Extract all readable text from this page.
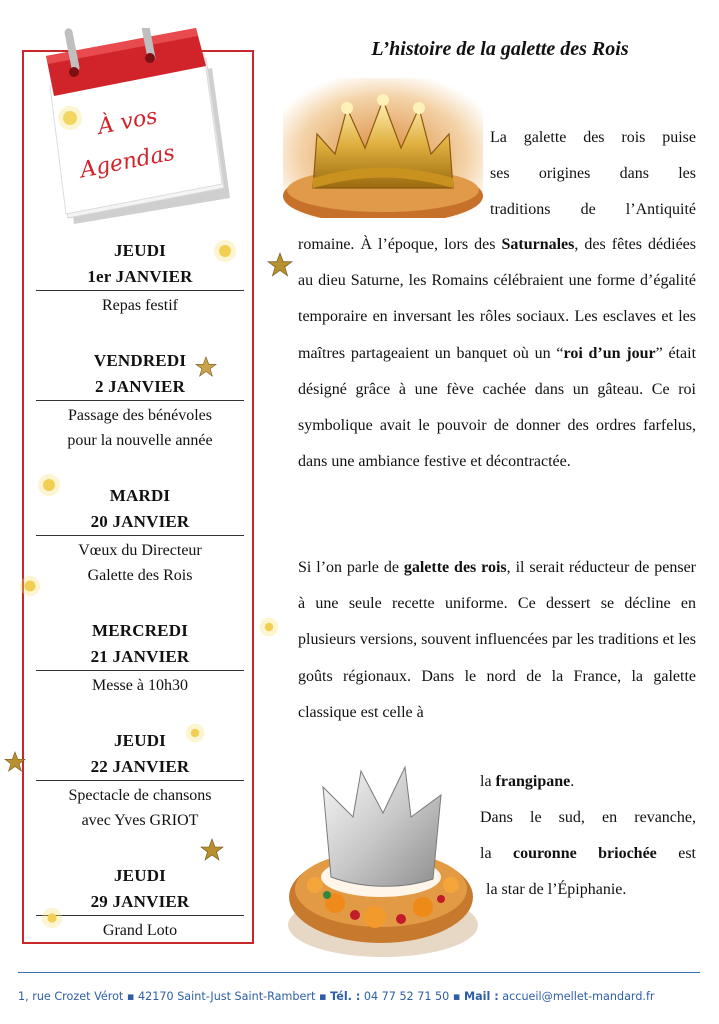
À vos
Agendas
JEUDI
1er JANVIER
Repas festif
VENDREDI
2 JANVIER
Passage des bénévoles
pour la nouvelle année
MARDI
20 JANVIER
Vœux du Directeur
Galette des Rois
MERCREDI
21 JANVIER
Messe à 10h30
JEUDI
22 JANVIER
Spectacle de chansons
avec Yves GRIOT
JEUDI
29 JANVIER
Grand Loto
L’histoire de la galette des Rois
La galette des rois puise
ses origines dans les
traditions de l’Antiquité
romaine. À l’époque, lors des Saturnales, des fêtes dédiées au dieu Saturne, les Romains célébraient une forme d’égalité temporaire en inversant les rôles sociaux. Les esclaves et les maîtres partageaient un banquet où un “roi d’un jour” était désigné grâce à une fève cachée dans un gâteau. Ce roi symbolique avait le pouvoir de donner des ordres farfelus, dans une ambiance festive et décontractée.
Si l’on parle de galette des rois, il serait réducteur de penser à une seule recette uniforme. Ce dessert se décline en plusieurs versions, souvent influencées par les traditions et les goûts régionaux. Dans le nord de la France, la galette classique est celle à
la frangipane.
Dans le sud, en revanche,
la couronne briochée est
la star de l’Épiphanie.
1, rue Crozet Vérot ▪ 42170 Saint-Just Saint-Rambert ▪ Tél. : 04 77 52 71 50 ▪ Mail : accueil@mellet-mandard.fr
